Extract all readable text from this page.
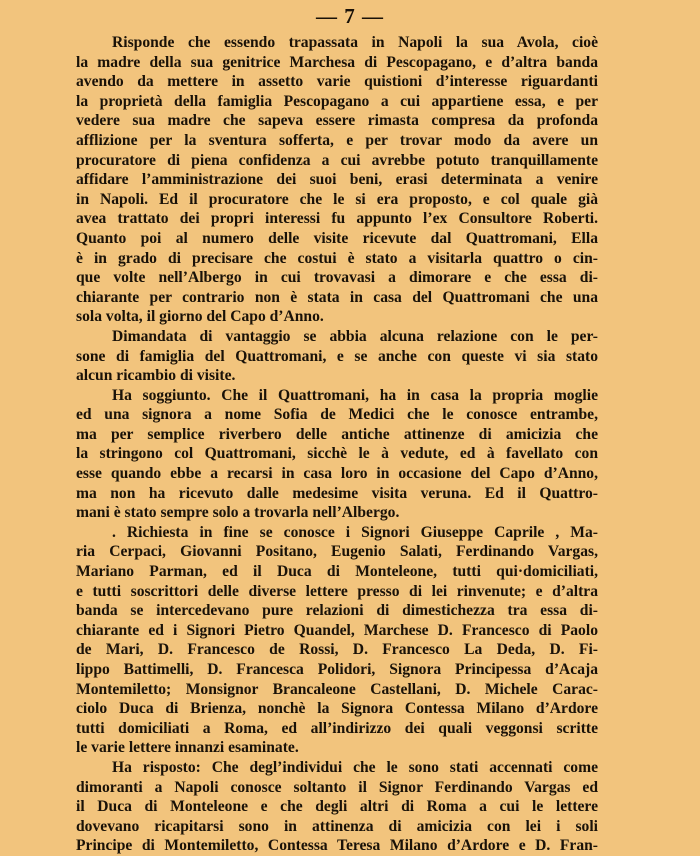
— 7 —
Risponde che essendo trapassata in Napoli la sua Avola, cioè
la madre della sua genitrice Marchesa di Pescopagano, e d’altra banda
avendo da mettere in assetto varie quistioni d’interesse riguardanti
la proprietà della famiglia Pescopagano a cui appartiene essa, e per
vedere sua madre che sapeva essere rimasta compresa da profonda
afflizione per la sventura sofferta, e per trovar modo da avere un
procuratore di piena confidenza a cui avrebbe potuto tranquillamente
affidare l’amministrazione dei suoi beni, erasi determinata a venire
in Napoli. Ed il procuratore che le si era proposto, e col quale già
avea trattato dei propri interessi fu appunto l’ex Consultore Roberti.
Quanto poi al numero delle visite ricevute dal Quattromani, Ella
è in grado di precisare che costui è stato a visitarla quattro o cin-
que volte nell’Albergo in cui trovavasi a dimorare e che essa di-
chiarante per contrario non è stata in casa del Quattromani che una
sola volta, il giorno del Capo d’Anno.
Dimandata di vantaggio se abbia alcuna relazione con le per-
sone di famiglia del Quattromani, e se anche con queste vi sia stato
alcun ricambio di visite.
Ha soggiunto. Che il Quattromani, ha in casa la propria moglie
ed una signora a nome Sofia de Medici che le conosce entrambe,
ma per semplice riverbero delle antiche attinenze di amicizia che
la stringono col Quattromani, sicchè le à vedute, ed à favellato con
esse quando ebbe a recarsi in casa loro in occasione del Capo d’Anno,
ma non ha ricevuto dalle medesime visita veruna. Ed il Quattro-
mani è stato sempre solo a trovarla nell’Albergo.
. Richiesta in fine se conosce i Signori Giuseppe Caprile , Ma-
ria Cerpaci, Giovanni Positano, Eugenio Salati, Ferdinando Vargas,
Mariano Parman, ed il Duca di Monteleone, tutti qui·domiciliati,
e tutti soscrittori delle diverse lettere presso di lei rinvenute; e d’altra
banda se intercedevano pure relazioni di dimestichezza tra essa di-
chiarante ed i Signori Pietro Quandel, Marchese D. Francesco di Paolo
de Mari, D. Francesco de Rossi, D. Francesco La Deda, D. Fi-
lippo Battimelli, D. Francesca Polidori, Signora Principessa d’Acaja
Montemiletto; Monsignor Brancaleone Castellani, D. Michele Carac-
ciolo Duca di Brienza, nonchè la Signora Contessa Milano d’Ardore
tutti domiciliati a Roma, ed all’indirizzo dei quali veggonsi scritte
le varie lettere innanzi esaminate.
Ha risposto: Che degl’individui che le sono stati accennati come
dimoranti a Napoli conosce soltanto il Signor Ferdinando Vargas ed
il Duca di Monteleone e che degli altri di Roma a cui le lettere
dovevano ricapitarsi sono in attinenza di amicizia con lei i soli
Principe di Montemiletto, Contessa Teresa Milano d’Ardore e D. Fran-
